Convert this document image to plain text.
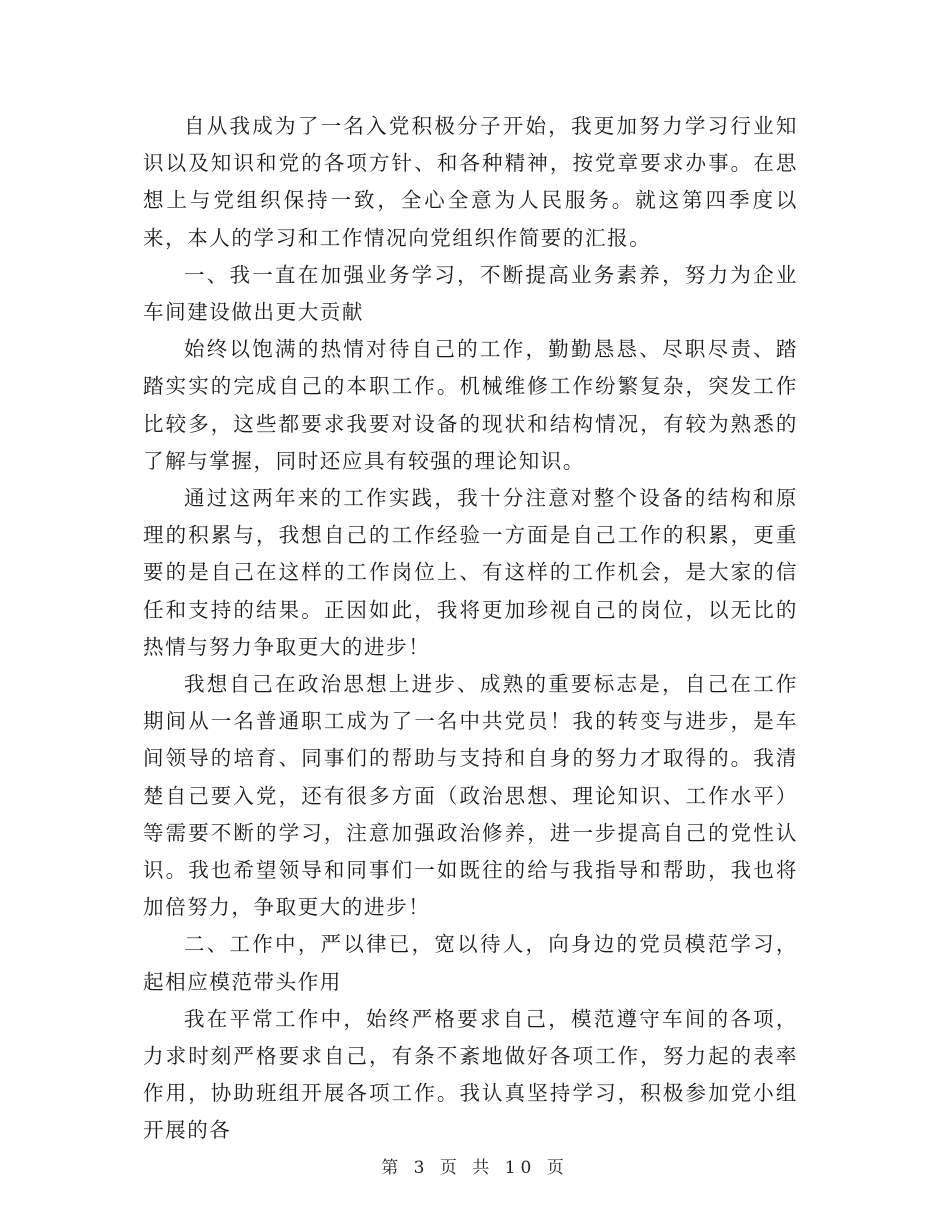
自从我成为了一名入党积极分子开始，我更加努力学习行业知识以及知识和党的各项方针、和各种精神，按党章要求办事。在思想上与党组织保持一致，全心全意为人民服务。就这第四季度以来，本人的学习和工作情况向党组织作简要的汇报。

一、我一直在加强业务学习，不断提高业务素养，努力为企业车间建设做出更大贡献

始终以饱满的热情对待自己的工作，勤勤恳恳、尽职尽责、踏踏实实的完成自己的本职工作。机械维修工作纷繁复杂，突发工作比较多，这些都要求我要对设备的现状和结构情况，有较为熟悉的了解与掌握，同时还应具有较强的理论知识。

通过这两年来的工作实践，我十分注意对整个设备的结构和原理的积累与，我想自己的工作经验一方面是自己工作的积累，更重要的是自己在这样的工作岗位上、有这样的工作机会，是大家的信任和支持的结果。正因如此，我将更加珍视自己的岗位，以无比的热情与努力争取更大的进步！

我想自己在政治思想上进步、成熟的重要标志是，自己在工作期间从一名普通职工成为了一名中共党员！我的转变与进步，是车间领导的培育、同事们的帮助与支持和自身的努力才取得的。我清楚自己要入党，还有很多方面（政治思想、理论知识、工作水平）等需要不断的学习，注意加强政治修养，进一步提高自己的党性认识。我也希望领导和同事们一如既往的给与我指导和帮助，我也将加倍努力，争取更大的进步！

二、工作中，严以律已，宽以待人，向身边的党员模范学习，起相应模范带头作用

我在平常工作中，始终严格要求自己，模范遵守车间的各项，力求时刻严格要求自己，有条不紊地做好各项工作，努力起的表率作用，协助班组开展各项工作。我认真坚持学习，积极参加党小组开展的各

第 3 页 共 10 页
